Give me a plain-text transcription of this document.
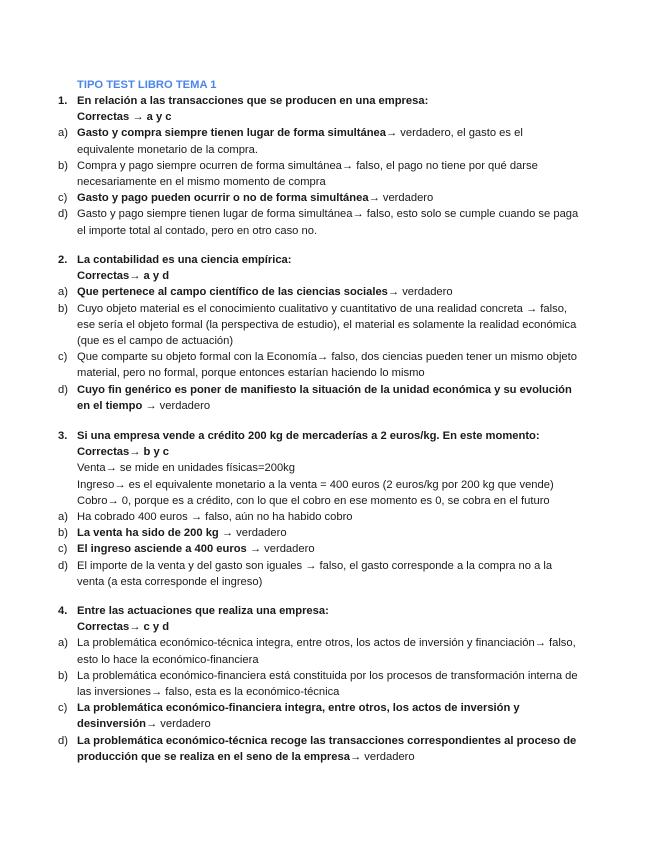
TIPO TEST LIBRO TEMA 1
1. En relación a las transacciones que se producen en una empresa:
Correctas → a y c
a) Gasto y compra siempre tienen lugar de forma simultánea→ verdadero, el gasto es el equivalente monetario de la compra.
b) Compra y pago siempre ocurren de forma simultánea→ falso, el pago no tiene por qué darse necesariamente en el mismo momento de compra
c) Gasto y pago pueden ocurrir o no de forma simultánea→ verdadero
d) Gasto y pago siempre tienen lugar de forma simultánea→ falso, esto solo se cumple cuando se paga el importe total al contado, pero en otro caso no.
2. La contabilidad es una ciencia empírica:
Correctas→ a y d
a) Que pertenece al campo científico de las ciencias sociales→ verdadero
b) Cuyo objeto material es el conocimiento cualitativo y cuantitativo de una realidad concreta → falso, ese sería el objeto formal (la perspectiva de estudio), el material es solamente la realidad económica (que es el campo de actuación)
c) Que comparte su objeto formal con la Economía→ falso, dos ciencias pueden tener un mismo objeto material, pero no formal, porque entonces estarían haciendo lo mismo
d) Cuyo fin genérico es poner de manifiesto la situación de la unidad económica y su evolución en el tiempo → verdadero
3. Si una empresa vende a crédito 200 kg de mercaderías a 2 euros/kg. En este momento:
Correctas→ b y c
Venta→ se mide en unidades físicas=200kg
Ingreso→ es el equivalente monetario a la venta = 400 euros (2 euros/kg por 200 kg que vende)
Cobro→ 0, porque es a crédito, con lo que el cobro en ese momento es 0, se cobra en el futuro
a) Ha cobrado 400 euros → falso, aún no ha habido cobro
b) La venta ha sido de 200 kg → verdadero
c) El ingreso asciende a 400 euros → verdadero
d) El importe de la venta y del gasto son iguales → falso, el gasto corresponde a la compra no a la venta (a esta corresponde el ingreso)
4. Entre las actuaciones que realiza una empresa:
Correctas→ c y d
a) La problemática económico-técnica integra, entre otros, los actos de inversión y financiación→ falso, esto lo hace la económico-financiera
b) La problemática económico-financiera está constituida por los procesos de transformación interna de las inversiones→ falso, esta es la económico-técnica
c) La problemática económico-financiera integra, entre otros, los actos de inversión y desinversión→ verdadero
d) La problemática económico-técnica recoge las transacciones correspondientes al proceso de producción que se realiza en el seno de la empresa→ verdadero
